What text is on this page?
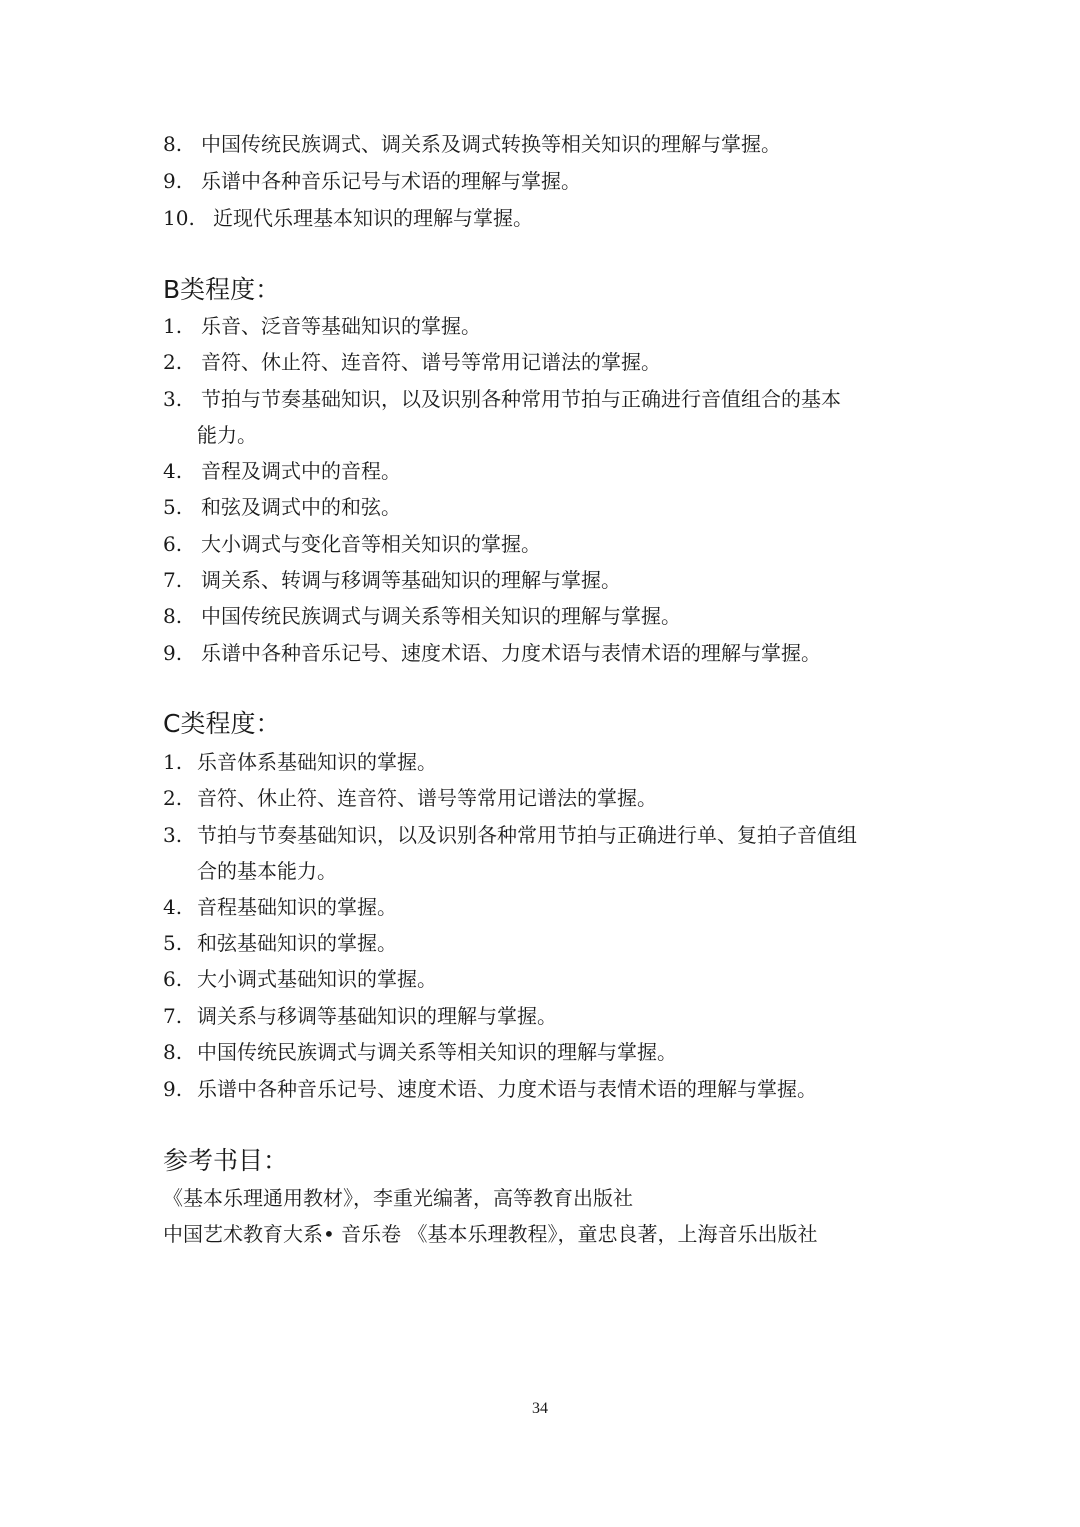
8. 中国传统民族调式、调关系及调式转换等相关知识的理解与掌握。

9. 乐谱中各种音乐记号与术语的理解与掌握。

10. 近现代乐理基本知识的理解与掌握。

B类程度：

1. 乐音、泛音等基础知识的掌握。

2. 音符、休止符、连音符、谱号等常用记谱法的掌握。

3. 节拍与节奏基础知识，以及识别各种常用节拍与正确进行音值组合的基本

能力。

4. 音程及调式中的音程。

5. 和弦及调式中的和弦。

6. 大小调式与变化音等相关知识的掌握。

7. 调关系、转调与移调等基础知识的理解与掌握。

8. 中国传统民族调式与调关系等相关知识的理解与掌握。

9. 乐谱中各种音乐记号、速度术语、力度术语与表情术语的理解与掌握。

C类程度：

1. 乐音体系基础知识的掌握。

2. 音符、休止符、连音符、谱号等常用记谱法的掌握。

3. 节拍与节奏基础知识，以及识别各种常用节拍与正确进行单、复拍子音值组

合的基本能力。

4. 音程基础知识的掌握。

5. 和弦基础知识的掌握。

6. 大小调式基础知识的掌握。

7. 调关系与移调等基础知识的理解与掌握。

8. 中国传统民族调式与调关系等相关知识的理解与掌握。

9. 乐谱中各种音乐记号、速度术语、力度术语与表情术语的理解与掌握。

参考书目：

《基本乐理通用教材》，李重光编著，高等教育出版社

中国艺术教育大系• 音乐卷 《基本乐理教程》，童忠良著，上海音乐出版社

34
